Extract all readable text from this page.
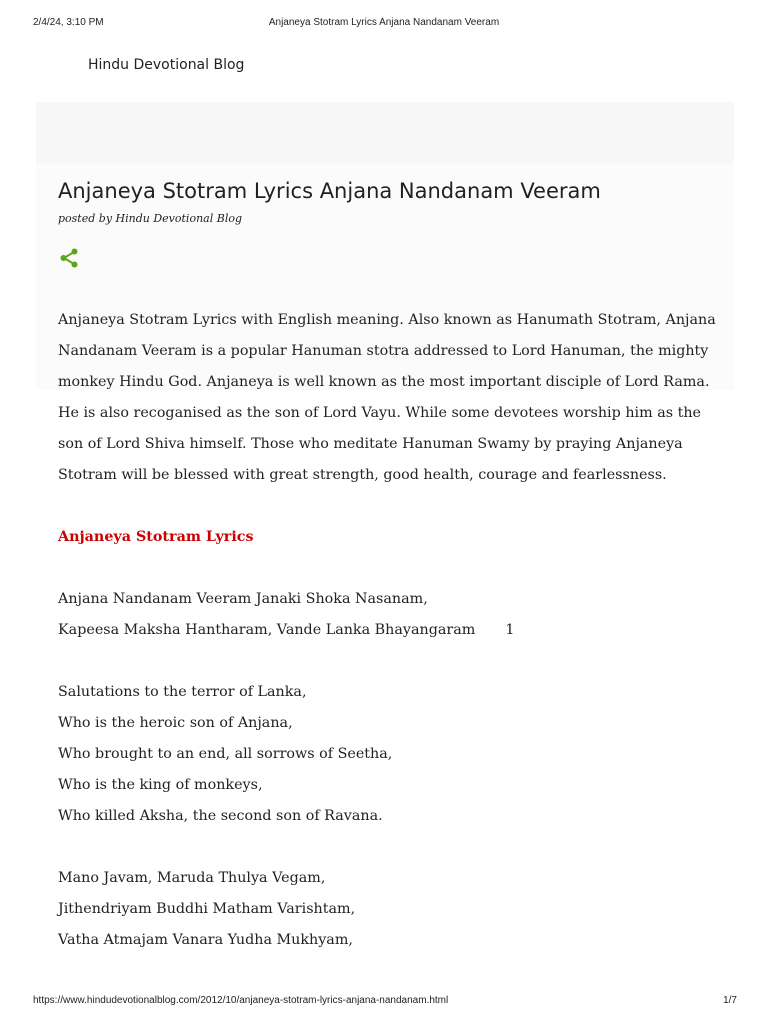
2/4/24, 3:10 PM	Anjaneya Stotram Lyrics Anjana Nandanam Veeram
Hindu Devotional Blog
Anjaneya Stotram Lyrics Anjana Nandanam Veeram
posted by Hindu Devotional Blog

Anjaneya Stotram Lyrics with English meaning. Also known as Hanumath Stotram, Anjana Nandanam Veeram is a popular Hanuman stotra addressed to Lord Hanuman, the mighty monkey Hindu God. Anjaneya is well known as the most important disciple of Lord Rama. He is also recoganised as the son of Lord Vayu. While some devotees worship him as the son of Lord Shiva himself. Those who meditate Hanuman Swamy by praying Anjaneya Stotram will be blessed with great strength, good health, courage and fearlessness.

Anjaneya Stotram Lyrics

Anjana Nandanam Veeram Janaki Shoka Nasanam,

Kapeesa Maksha Hantharam, Vande Lanka Bhayangaram 1

Salutations to the terror of Lanka,

Who is the heroic son of Anjana,

Who brought to an end, all sorrows of Seetha,

Who is the king of monkeys,

Who killed Aksha, the second son of Ravana.

Mano Javam, Maruda Thulya Vegam,

Jithendriyam Buddhi Matham Varishtam,

Vatha Atmajam Vanara Yudha Mukhyam,

https://www.hindudevotionalblog.com/2012/10/anjaneya-stotram-lyrics-anjana-nandanam.html	1/7
